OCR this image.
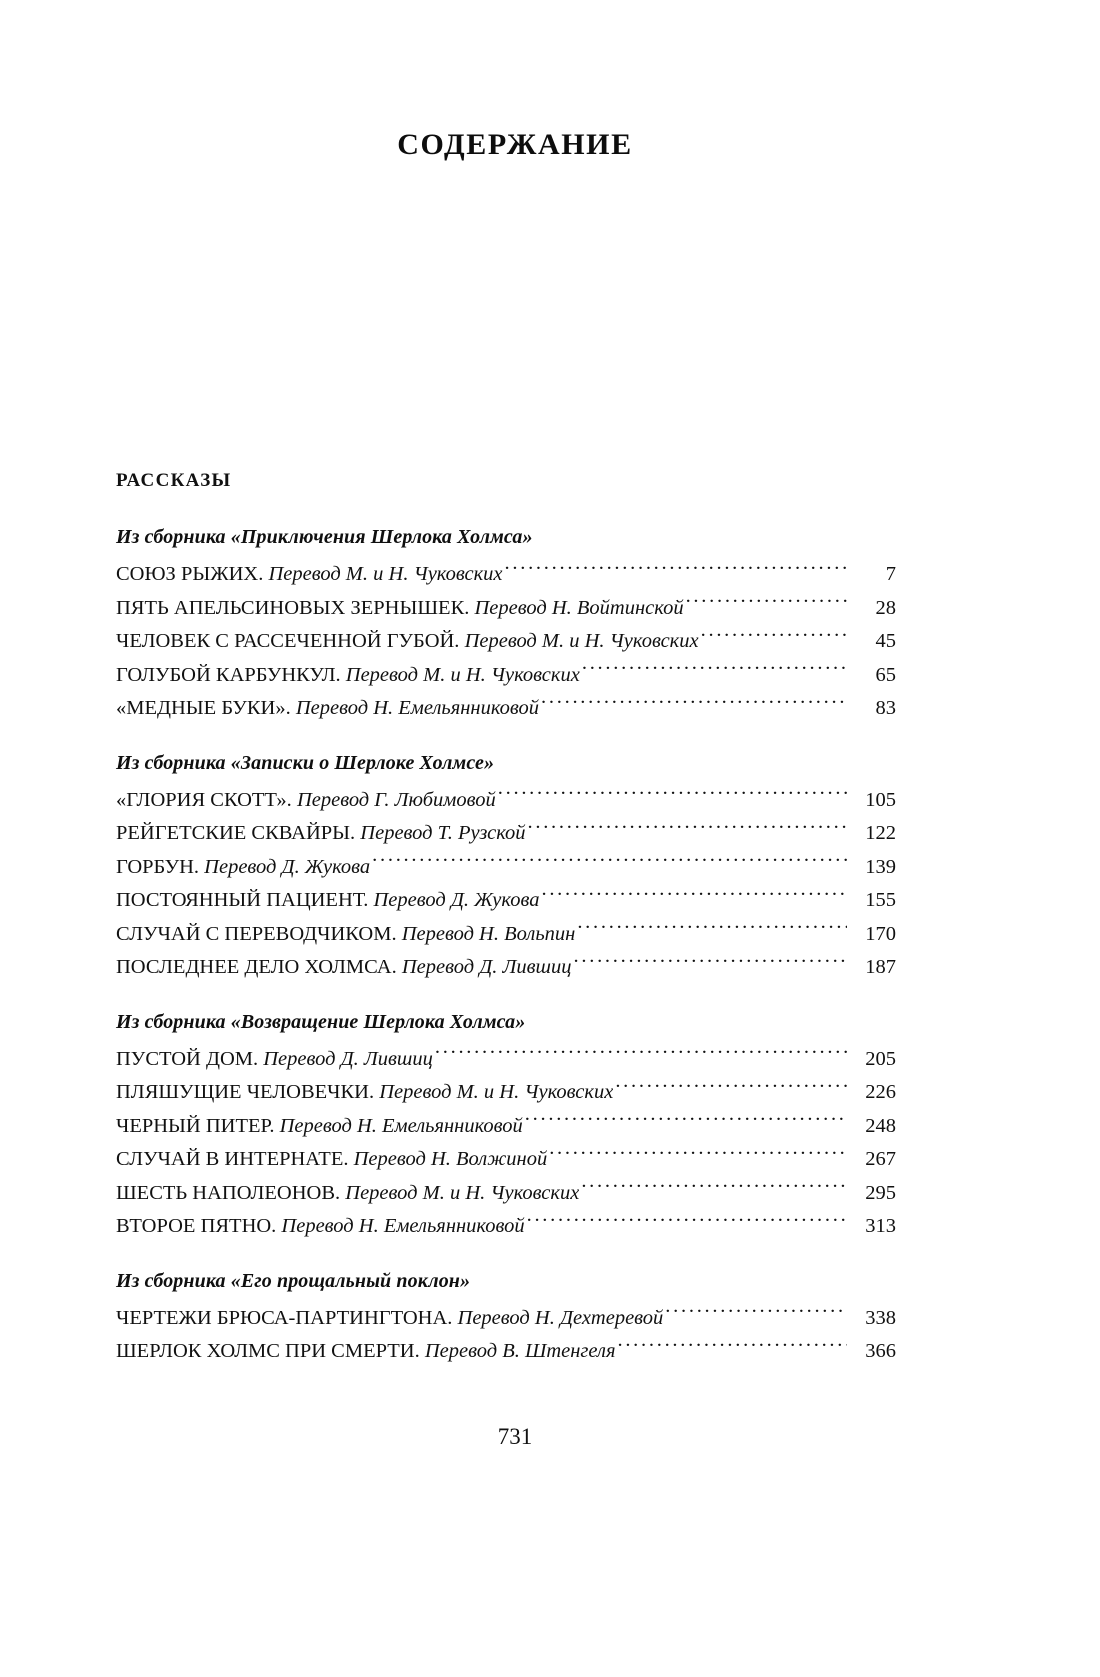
СОДЕРЖАНИЕ
РАССКАЗЫ
Из сборника «Приключения Шерлока Холмса»
СОЮЗ РЫЖИХ. Перевод М. и Н. Чуковских . . .	7
ПЯТЬ АПЕЛЬСИНОВЫХ ЗЕРНЫШЕК. Перевод Н. Войтинской . . .	28
ЧЕЛОВЕК С РАССЕЧЕННОЙ ГУБОЙ. Перевод М. и Н. Чуковских . . .	45
ГОЛУБОЙ КАРБУНКУЛ. Перевод М. и Н. Чуковских . . .	65
«МЕДНЫЕ БУКИ». Перевод Н. Емельянниковой . . .	83
Из сборника «Записки о Шерлоке Холмсе»
«ГЛОРИЯ СКОТТ». Перевод Г. Любимовой . . .	105
РЕЙГЕТСКИЕ СКВАЙРЫ. Перевод Т. Рузской . . .	122
ГОРБУН. Перевод Д. Жукова . . .	139
ПОСТОЯННЫЙ ПАЦИЕНТ. Перевод Д. Жукова . . .	155
СЛУЧАЙ С ПЕРЕВОДЧИКОМ. Перевод Н. Вольпин . . .	170
ПОСЛЕДНЕЕ ДЕЛО ХОЛМСА. Перевод Д. Лившиц . . .	187
Из сборника «Возвращение Шерлока Холмса»
ПУСТОЙ ДОМ. Перевод Д. Лившиц . . .	205
ПЛЯШУЩИЕ ЧЕЛОВЕЧКИ. Перевод М. и Н. Чуковских . . .	226
ЧЕРНЫЙ ПИТЕР. Перевод Н. Емельянниковой . . .	248
СЛУЧАЙ В ИНТЕРНАТЕ. Перевод Н. Волжиной . . .	267
ШЕСТЬ НАПОЛЕОНОВ. Перевод М. и Н. Чуковских . . .	295
ВТОРОЕ ПЯТНО. Перевод Н. Емельянниковой . . .	313
Из сборника «Его прощальный поклон»
ЧЕРТЕЖИ БРЮСА-ПАРТИНГТОНА. Перевод Н. Дехтеревой . . .	338
ШЕРЛОК ХОЛМС ПРИ СМЕРТИ. Перевод В. Штенгеля . . .	366
731
